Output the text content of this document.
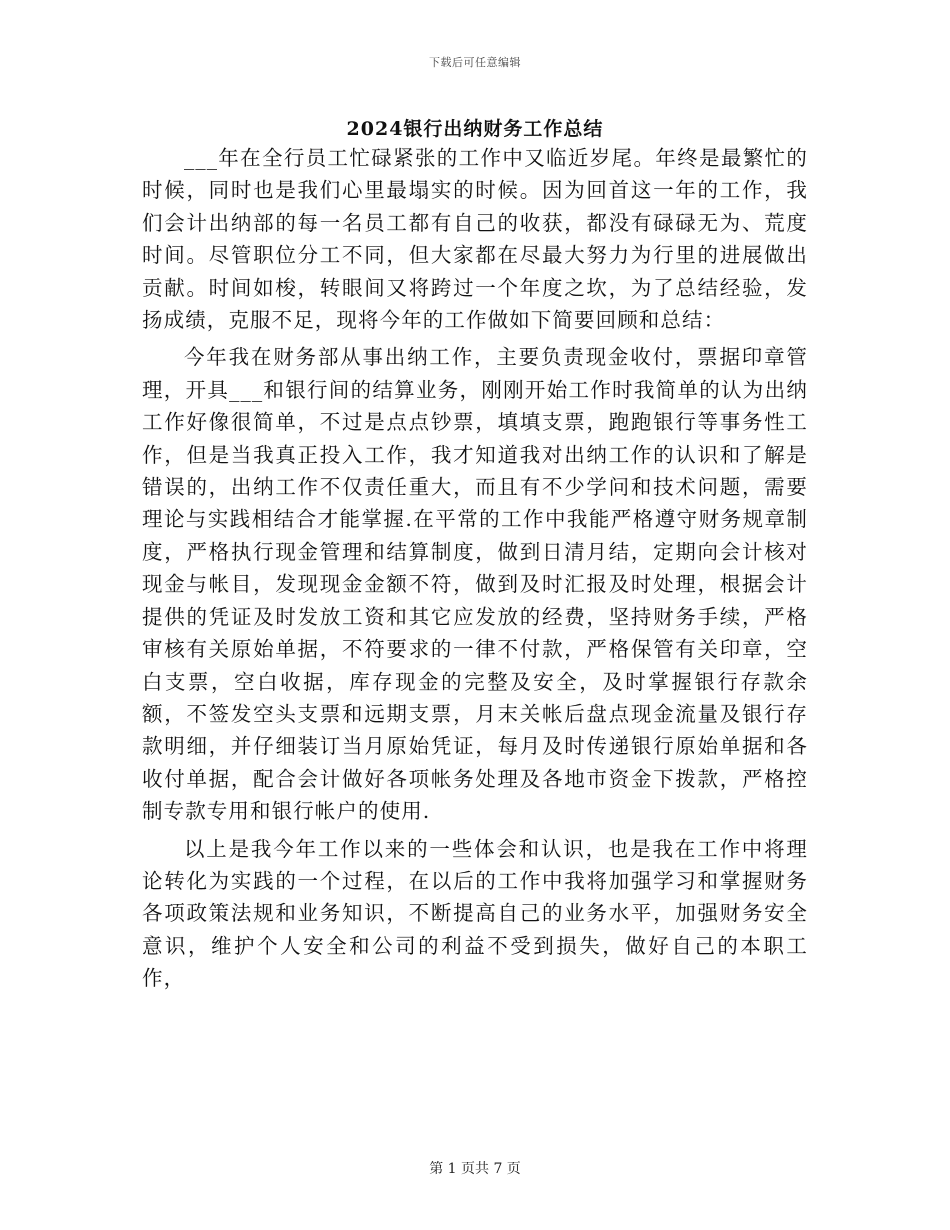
下载后可任意编辑
2024银行出纳财务工作总结

___年在全行员工忙碌紧张的工作中又临近岁尾。年终是最繁忙的时候，同时也是我们心里最塌实的时候。因为回首这一年的工作，我们会计出纳部的每一名员工都有自己的收获，都没有碌碌无为、荒度时间。尽管职位分工不同，但大家都在尽最大努力为行里的进展做出贡献。时间如梭，转眼间又将跨过一个年度之坎，为了总结经验，发扬成绩，克服不足，现将今年的工作做如下简要回顾和总结：

今年我在财务部从事出纳工作，主要负责现金收付，票据印章管理，开具___和银行间的结算业务，刚刚开始工作时我简单的认为出纳工作好像很简单，不过是点点钞票，填填支票，跑跑银行等事务性工作，但是当我真正投入工作，我才知道我对出纳工作的认识和了解是错误的，出纳工作不仅责任重大，而且有不少学问和技术问题，需要理论与实践相结合才能掌握.在平常的工作中我能严格遵守财务规章制度，严格执行现金管理和结算制度，做到日清月结，定期向会计核对现金与帐目，发现现金金额不符，做到及时汇报及时处理，根据会计提供的凭证及时发放工资和其它应发放的经费，坚持财务手续，严格审核有关原始单据，不符要求的一律不付款，严格保管有关印章，空白支票，空白收据，库存现金的完整及安全，及时掌握银行存款余额，不签发空头支票和远期支票，月末关帐后盘点现金流量及银行存款明细，并仔细装订当月原始凭证，每月及时传递银行原始单据和各收付单据，配合会计做好各项帐务处理及各地市资金下拨款，严格控制专款专用和银行帐户的使用.

以上是我今年工作以来的一些体会和认识，也是我在工作中将理论转化为实践的一个过程，在以后的工作中我将加强学习和掌握财务各项政策法规和业务知识，不断提高自己的业务水平，加强财务安全意识，维护个人安全和公司的利益不受到损失，做好自己的本职工作，

第 1 页共 7 页
